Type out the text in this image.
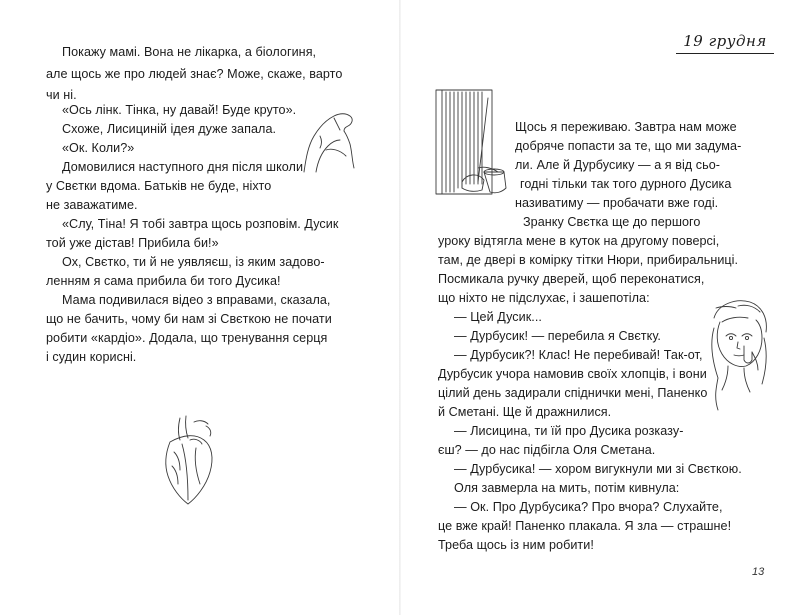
Покажу мамі. Вона не лікарка, а біологиня,
але щось же про людей знає? Може, скаже, варто
чи ні.
«Ось лінк. Тінка, ну давай! Буде круто».
Схоже, Лисициній ідея дуже запала.
«Ок. Коли?»
Домовилися наступного дня після школи
у Свєтки вдома. Батьків не буде, ніхто
не заважатиме.
«Слу, Тіна! Я тобі завтра щось розповім. Дусик
той уже дістав! Прибила би!»
Ох, Свєтко, ти й не уявляєш, із яким задово-
ленням я сама прибила би того Дусика!
Мама подивилася відео з вправами, сказала,
що не бачить, чому би нам зі Свєткою не почати
робити «кардіо». Додала, що тренування серця
і судин корисні.
19 грудня
Щось я переживаю. Завтра нам може
добряче попасти за те, що ми задума-
ли. Але й Дурбусику — а я від сьо-
годні тільки так того дурного Дусика
називатиму — пробачати вже годі.
Зранку Свєтка ще до першого
уроку відтягла мене в куток на другому поверсі,
там, де двері в комірку тітки Нюри, прибиральниці.
Посмикала ручку дверей, щоб переконатися,
що ніхто не підслухає, і зашепотіла:
— Цей Дусик...
— Дурбусик! — перебила я Свєтку.
— Дурбусик?! Клас! Не перебивай! Так-от,
Дурбусик учора намовив своїх хлопців, і вони
цілий день задирали спіднички мені, Паненко
й Сметані. Ще й дражнилися.
— Лисицина, ти їй про Дусика розказу-
єш? — до нас підбігла Оля Сметана.
— Дурбусика! — хором вигукнули ми зі Свєткою.
Оля завмерла на мить, потім кивнула:
— Ок. Про Дурбусика? Про вчора? Слухайте,
це вже край! Паненко плакала. Я зла — страшне!
Треба щось із ним робити!
13
